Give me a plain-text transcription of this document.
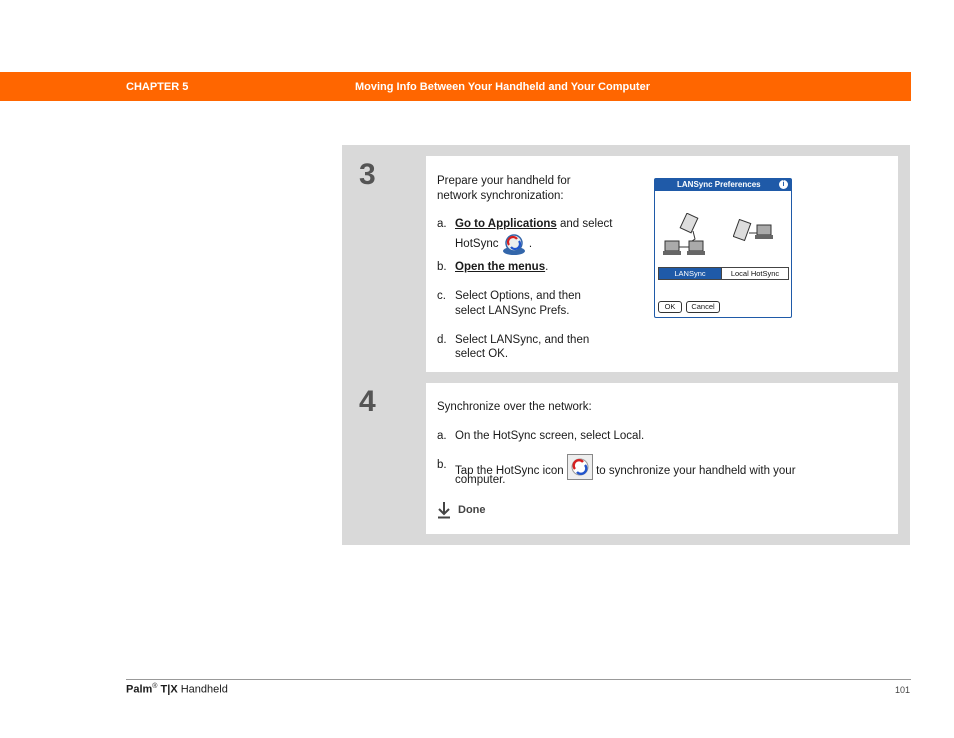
CHAPTER 5	Moving Info Between Your Handheld and Your Computer
3	Prepare your handheld for network synchronization:
a. Go to Applications and select
HotSync	.
b. Open the menus.
c. Select Options, and then
select LANSync Prefs.
d. Select LANSync, and then
select OK.
LANSync Preferences	i
LANSync	Local HotSync
OK	Cancel
4	Synchronize over the network:
a. On the HotSync screen, select Local.
b.
Tap the HotSync icon	to synchronize your handheld with your
computer.
Done
Palm® T|X Handheld	101
